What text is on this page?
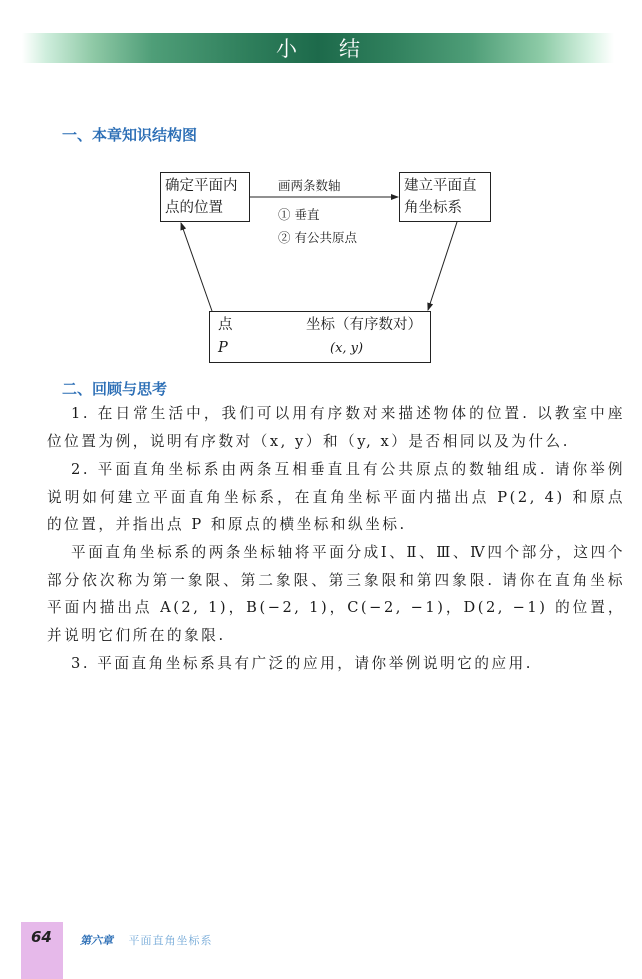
小结
一、本章知识结构图
确定平面内
点的位置
建立平面直
角坐标系
画两条数轴
① 垂直
② 有公共原点
点
P
坐标（有序数对）
(x, y)
二、回顾与思考
1. 在日常生活中，我们可以用有序数对来描述物体的位置. 以教室中座位位置为例，说明有序数对（x, y）和（y, x）是否相同以及为什么.
2. 平面直角坐标系由两条互相垂直且有公共原点的数轴组成. 请你举例说明如何建立平面直角坐标系，在直角坐标平面内描出点 P(2, 4) 和原点的位置，并指出点 P 和原点的横坐标和纵坐标.
平面直角坐标系的两条坐标轴将平面分成Ⅰ、Ⅱ、Ⅲ、Ⅳ四个部分，这四个部分依次称为第一象限、第二象限、第三象限和第四象限. 请你在直角坐标平面内描出点 A(2, 1)，B(−2, 1)，C(−2, −1)，D(2, −1) 的位置，并说明它们所在的象限.
3. 平面直角坐标系具有广泛的应用，请你举例说明它的应用.
64	第六章 平面直角坐标系
